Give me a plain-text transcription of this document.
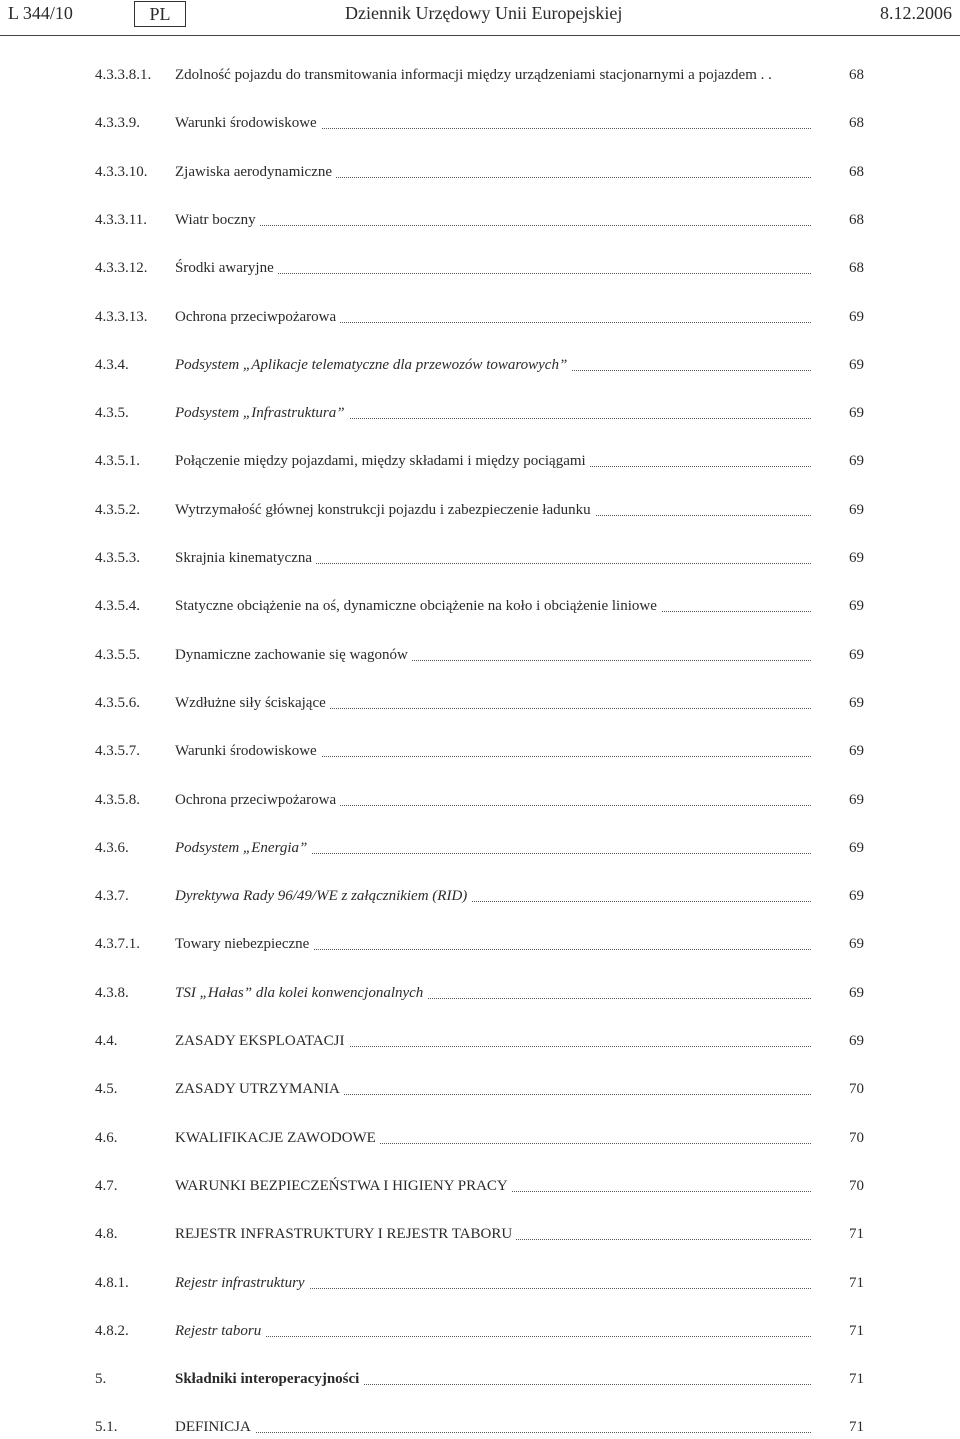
L 344/10	PL	Dziennik Urzędowy Unii Europejskiej	8.12.2006
4.3.3.8.1. Zdolność pojazdu do transmitowania informacji między urządzeniami stacjonarnymi a pojazdem . .	68
4.3.3.9. Warunki środowiskowe	68
4.3.3.10. Zjawiska aerodynamiczne	68
4.3.3.11. Wiatr boczny	68
4.3.3.12. Środki awaryjne	68
4.3.3.13. Ochrona przeciwpożarowa	69
4.3.4.	Podsystem „Aplikacje telematyczne dla przewozów towarowych”	69
4.3.5.	Podsystem „Infrastruktura”	69
4.3.5.1. Połączenie między pojazdami, między składami i między pociągami	69
4.3.5.2. Wytrzymałość głównej konstrukcji pojazdu i zabezpieczenie ładunku	69
4.3.5.3. Skrajnia kinematyczna	69
4.3.5.4. Statyczne obciążenie na oś, dynamiczne obciążenie na koło i obciążenie liniowe	69
4.3.5.5. Dynamiczne zachowanie się wagonów	69
4.3.5.6. Wzdłużne siły ściskające	69
4.3.5.7. Warunki środowiskowe	69
4.3.5.8. Ochrona przeciwpożarowa	69
4.3.6.	Podsystem „Energia”	69
4.3.7.	Dyrektywa Rady 96/49/WE z załącznikiem (RID)	69
4.3.7.1. Towary niebezpieczne	69
4.3.8.	TSI „Hałas” dla kolei konwencjonalnych	69
4.4.	ZASADY EKSPLOATACJI	69
4.5.	ZASADY UTRZYMANIA	70
4.6.	KWALIFIKACJE ZAWODOWE	70
4.7.	WARUNKI BEZPIECZEŃSTWA I HIGIENY PRACY	70
4.8.	REJESTR INFRASTRUKTURY I REJESTR TABORU	71
4.8.1.	Rejestr infrastruktury	71
4.8.2.	Rejestr taboru	71
5.	Składniki interoperacyjności	71
5.1.	DEFINICJA	71
